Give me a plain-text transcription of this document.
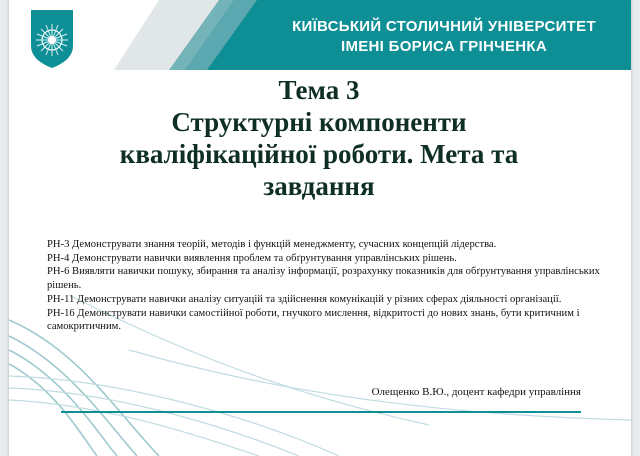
КИЇВСЬКИЙ СТОЛИЧНИЙ УНІВЕРСИТЕТ
ІМЕНІ БОРИСА ГРІНЧЕНКА
Тема 3
Структурні компоненти
кваліфікаційної роботи. Мета та
завдання
РН-3 Демонструвати знання теорій, методів і функцій менеджменту, сучасних концепцій лідерства.
РН-4 Демонструвати навички виявлення проблем та обґрунтування управлінських рішень.
РН-6 Виявляти навички пошуку, збирання та аналізу інформації, розрахунку показників для обґрунтування управлінських рішень.
РН-11 Демонструвати навички аналізу ситуацій та здійснення комунікацій у різних сферах діяльності організації.
РН-16 Демонструвати навички самостійної роботи, гнучкого мислення, відкритості до нових знань, бути критичним і самокритичним.
Олещенко В.Ю., доцент кафедри управління
